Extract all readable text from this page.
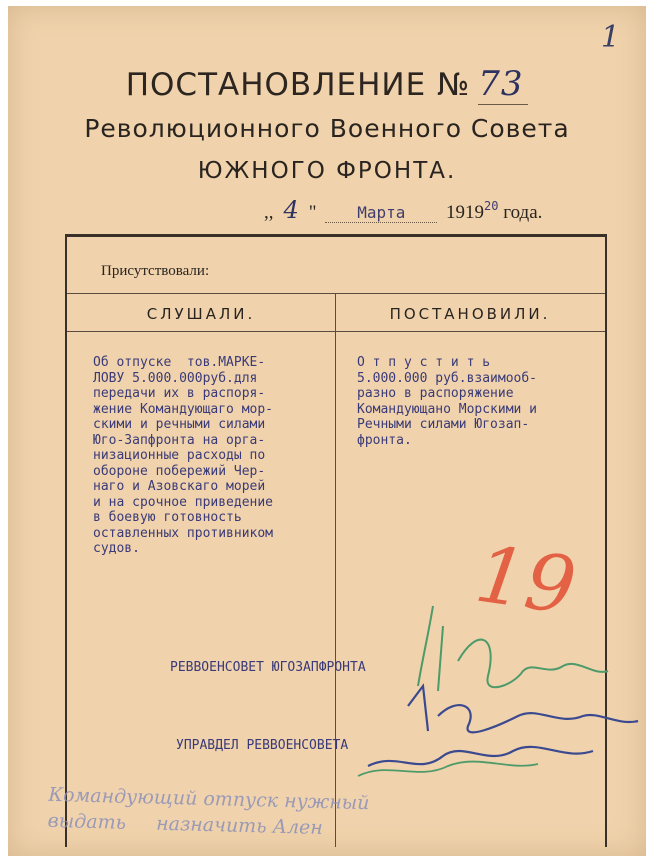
1
ПОСТАНОВЛЕНИЕ № 73
Революционного Военного Совета
ЮЖНОГО ФРОНТА.
,, 4 "	Марта 1919$^{20}$ года.
Присутствовали:
СЛУШАЛИ.	ПОСТАНОВИЛИ.
Об отпуске  тов.МАРКЕ-
ЛОВУ 5.000.000руб.для
передачи их в распоря-
жение Командующаго мор-
скими и речными силами
Юго-Запфронта на орга-
низационные расходы по
обороне побережий Чер-
наго и Азовскаго морей
и на срочное приведение
в боевую готовность
оставленных противником
судов.
О т п у с т и т ь
5.000.000 руб.взаимооб-
разно в распоряжение
Командующано Морскими и
Речными силами Югозап-
фронта.
РЕВВОЕНСОВЕТ ЮГОЗАПФРОНТА
УПРАВДЕЛ РЕВВОЕНСОВЕТА
19
Командующий отпуск нужный
выдать     назначить Ален
